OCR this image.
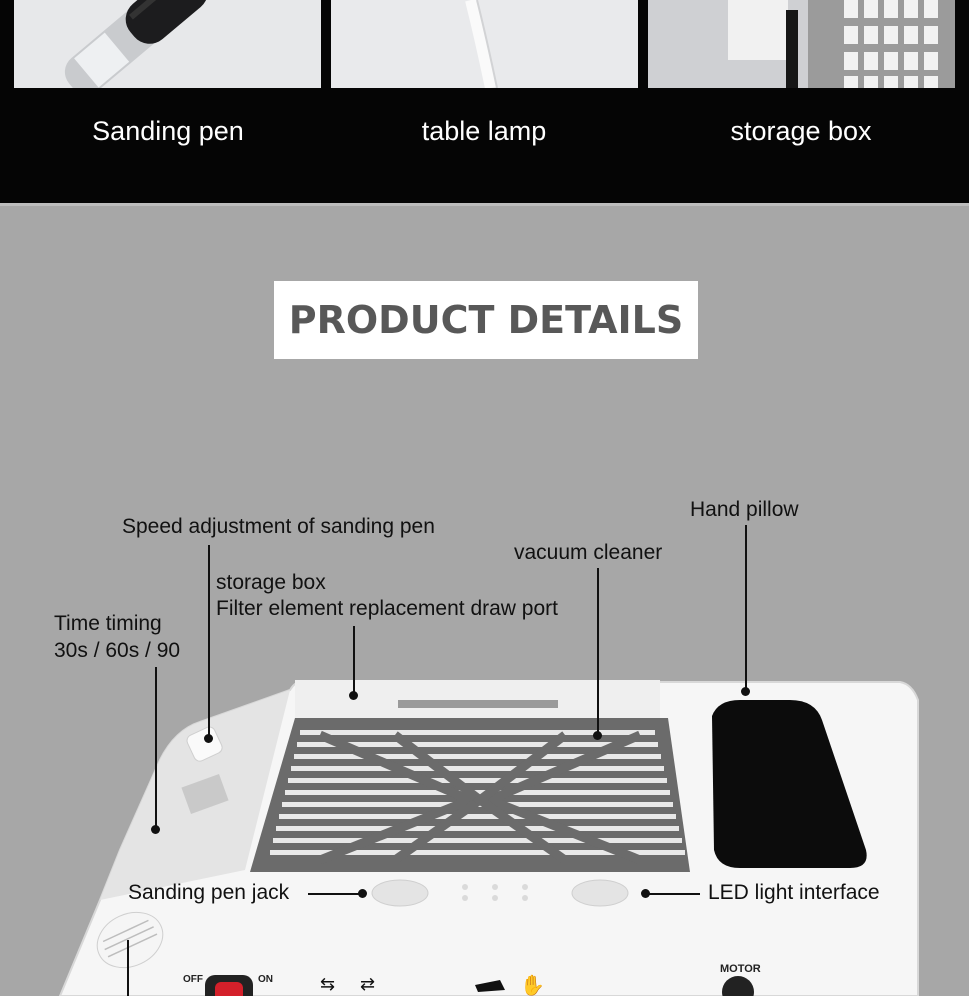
Sanding pen	table lamp	storage box
PRODUCT DETAILS
OFF	ON	⇆ ⇄	✋
MOTOR
Speed adjustment of sanding pen
Hand pillow
vacuum cleaner
storage box
Filter element replacement draw port
Time timing
30s / 60s / 90
Sanding pen jack	LED light interface
